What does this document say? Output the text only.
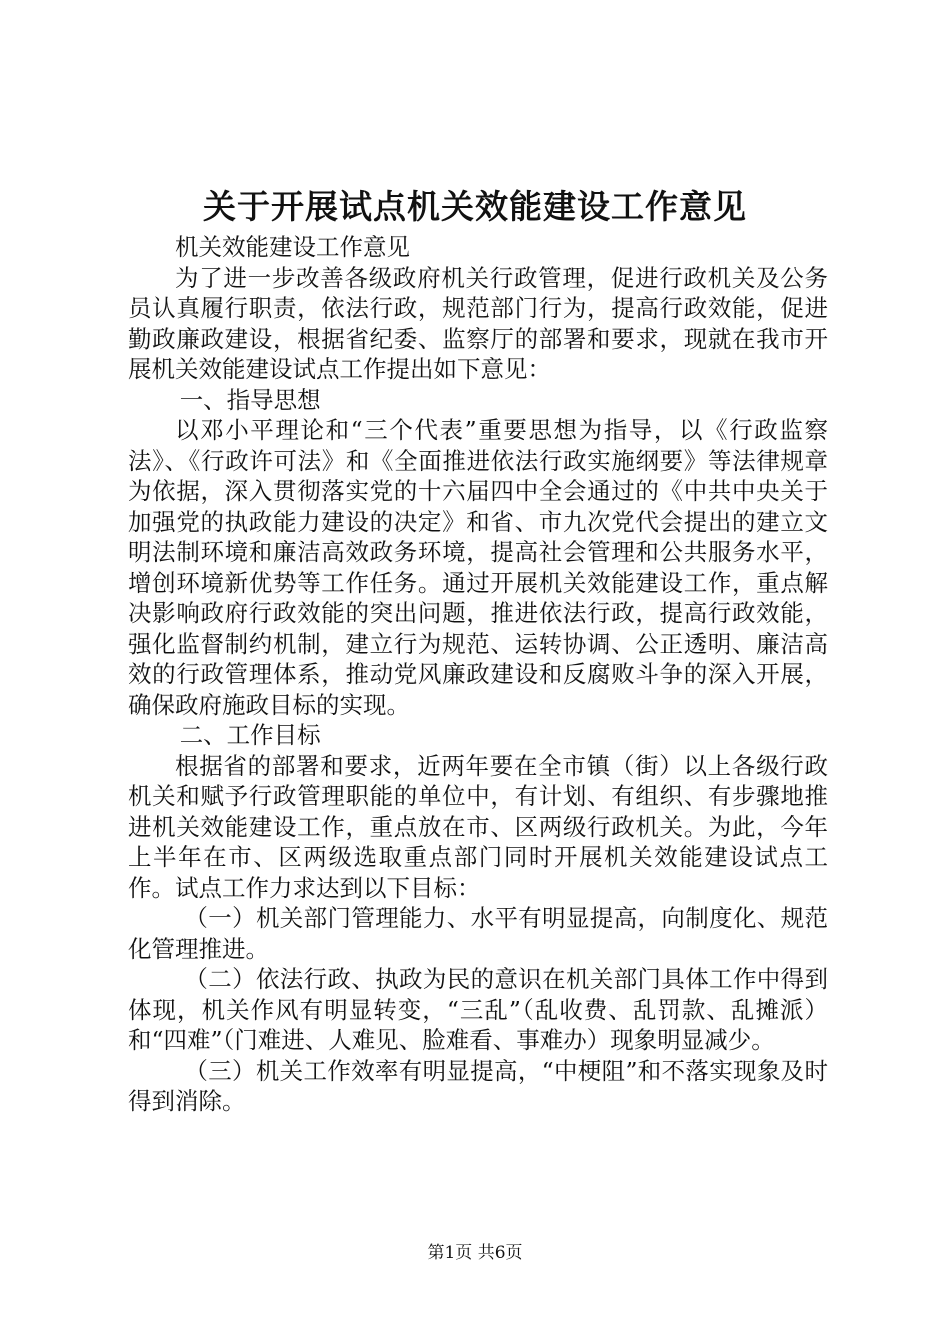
关于开展试点机关效能建设工作意见

机关效能建设工作意见

为了进一步改善各级政府机关行政管理，促进行政机关及公务员认真履行职责，依法行政，规范部门行为，提高行政效能，促进勤政廉政建设，根据省纪委、监察厅的部署和要求，现就在我市开展机关效能建设试点工作提出如下意见：

一、指导思想

以邓小平理论和“三个代表”重要思想为指导，以《行政监察法》、《行政许可法》和《全面推进依法行政实施纲要》等法律规章为依据，深入贯彻落实党的十六届四中全会通过的《中共中央关于加强党的执政能力建设的决定》和省、市九次党代会提出的建立文明法制环境和廉洁高效政务环境，提高社会管理和公共服务水平，增创环境新优势等工作任务。通过开展机关效能建设工作，重点解决影响政府行政效能的突出问题，推进依法行政，提高行政效能，强化监督制约机制，建立行为规范、运转协调、公正透明、廉洁高效的行政管理体系，推动党风廉政建设和反腐败斗争的深入开展，确保政府施政目标的实现。

二、工作目标

根据省的部署和要求，近两年要在全市镇（街）以上各级行政机关和赋予行政管理职能的单位中，有计划、有组织、有步骤地推进机关效能建设工作，重点放在市、区两级行政机关。为此，今年上半年在市、区两级选取重点部门同时开展机关效能建设试点工作。试点工作力求达到以下目标：

（一）机关部门管理能力、水平有明显提高，向制度化、规范化管理推进。

（二）依法行政、执政为民的意识在机关部门具体工作中得到体现，机关作风有明显转变，“三乱”（乱收费、乱罚款、乱摊派）和“四难”（门难进、人难见、脸难看、事难办）现象明显减少。

（三）机关工作效率有明显提高，“中梗阻”和不落实现象及时得到消除。

第1页 共6页
